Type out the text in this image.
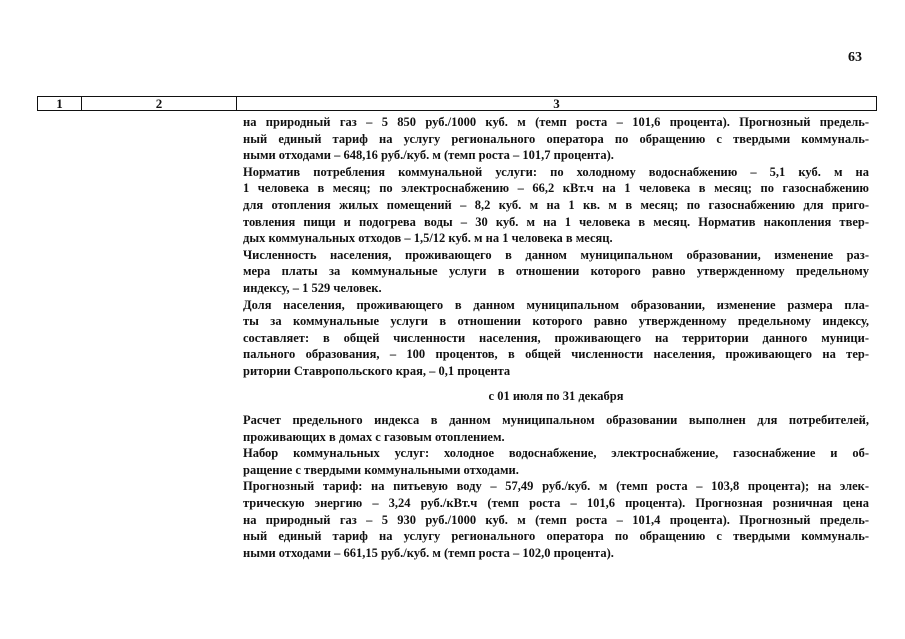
63
1	2	3
на природный газ – 5 850 руб./1000 куб. м (темп роста – 101,6 процента). Прогнозный предель-
ный единый тариф на услугу регионального оператора по обращению с твердыми коммуналь-
ными отходами – 648,16 руб./куб. м (темп роста – 101,7 процента).
Норматив потребления коммунальной услуги: по холодному водоснабжению – 5,1 куб. м на
1 человека в месяц; по электроснабжению – 66,2 кВт.ч на 1 человека в месяц; по газоснабжению
для отопления жилых помещений – 8,2 куб. м на 1 кв. м в месяц; по газоснабжению для приго-
товления пищи и подогрева воды – 30 куб. м на 1 человека в месяц. Норматив накопления твер-
дых коммунальных отходов – 1,5/12 куб. м на 1 человека в месяц.
Численность населения, проживающего в данном муниципальном образовании, изменение раз-
мера платы за коммунальные услуги в отношении которого равно утвержденному предельному
индексу, – 1 529 человек.
Доля населения, проживающего в данном муниципальном образовании, изменение размера пла-
ты за коммунальные услуги в отношении которого равно утвержденному предельному индексу,
составляет: в общей численности населения, проживающего на территории данного муници-
пального образования, – 100 процентов, в общей численности населения, проживающего на тер-
ритории Ставропольского края, – 0,1 процента
с 01 июля по 31 декабря
Расчет предельного индекса в данном муниципальном образовании выполнен для потребителей,
проживающих в домах с газовым отоплением.
Набор коммунальных услуг: холодное водоснабжение, электроснабжение, газоснабжение и об-
ращение с твердыми коммунальными отходами.
Прогнозный тариф: на питьевую воду – 57,49 руб./куб. м (темп роста – 103,8 процента); на элек-
трическую энергию – 3,24 руб./кВт.ч (темп роста – 101,6 процента). Прогнозная розничная цена
на природный газ – 5 930 руб./1000 куб. м (темп роста – 101,4 процента). Прогнозный предель-
ный единый тариф на услугу регионального оператора по обращению с твердыми коммуналь-
ными отходами – 661,15 руб./куб. м (темп роста – 102,0 процента).
